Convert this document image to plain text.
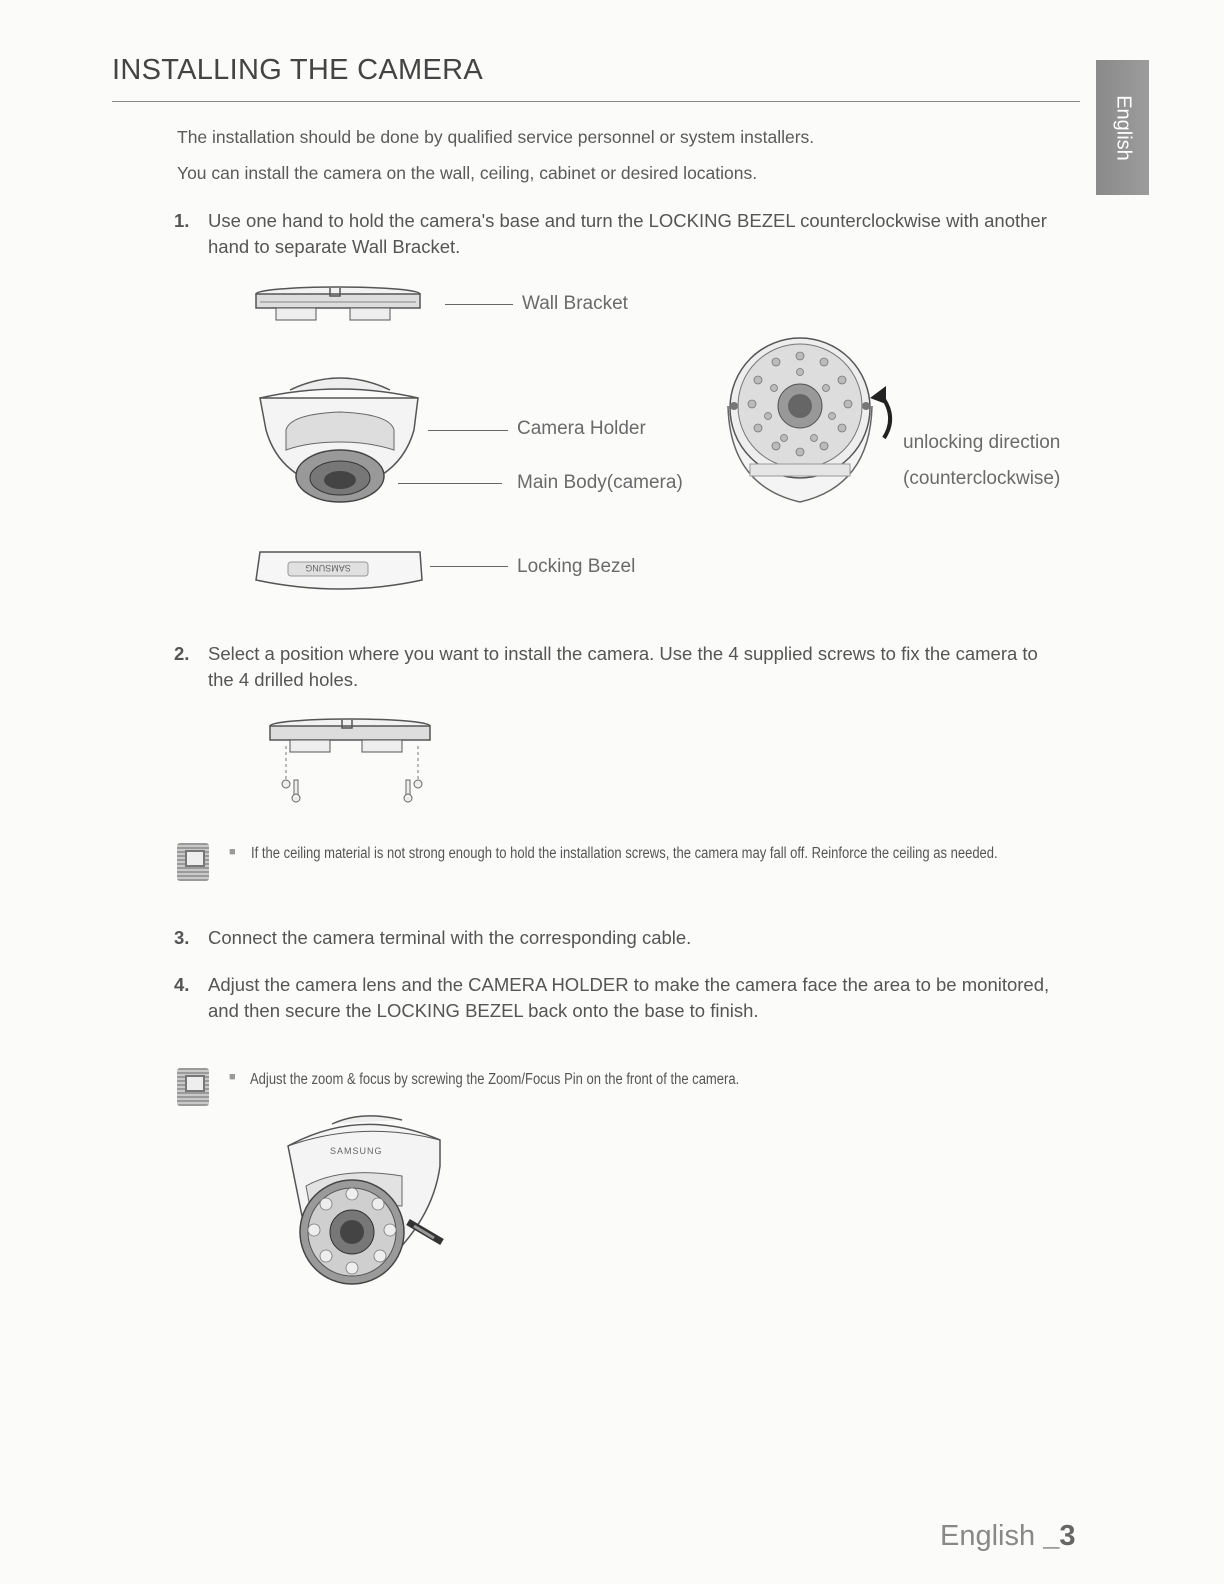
INSTALLING THE CAMERA
English
The installation should be done by qualified service personnel or system installers.
You can install the camera on the wall, ceiling, cabinet or desired locations.
1. Use one hand to hold the camera's base and turn the LOCKING BEZEL counterclockwise with another hand to separate Wall Bracket.
SAMSUNG
Wall Bracket
Camera Holder
Main Body(camera)
Locking Bezel
unlocking direction
(counterclockwise)
2. Select a position where you want to install the camera. Use the 4 supplied screws to fix the camera to the 4 drilled holes.
■ If the ceiling material is not strong enough to hold the installation screws, the camera may fall off. Reinforce the ceiling as needed.
3. Connect the camera terminal with the corresponding cable.
4. Adjust the camera lens and the CAMERA HOLDER to make the camera face the area to be monitored, and then secure the LOCKING BEZEL back onto the base to finish.
■ Adjust the zoom & focus by screwing the Zoom/Focus Pin on the front of the camera.
SAMSUNG
English _3
